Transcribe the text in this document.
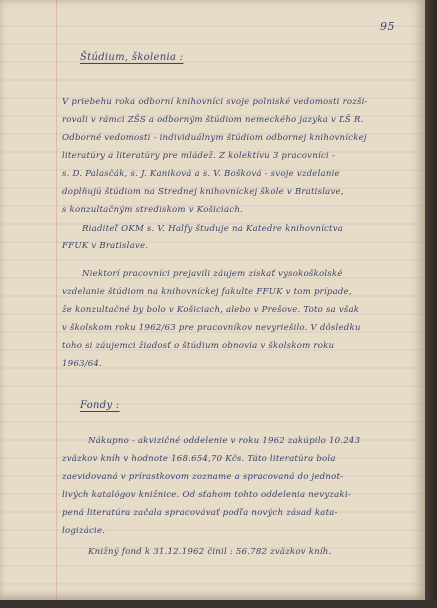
95
Štúdium, školenia :
V priebehu roka odborní knihovníci svoje polniské vedomosti rozši-
rovali v rámci ZŠS a odborným štúdiom nemeckého jazyka v ĽŠ R.
Odborné vedomosti - individuálnym štúdiom odbornej knihovníckej
literatúry a literatúry pre mládež. Z kolektívu 3 pracovníci -
s. D. Palasčák, s. J. Kaniková a s. V. Bošková - svoje vzdelanie
doplňujú štúdiom na Strednej knihovníckej škole v Bratislave,
s konzultačným strediskom v Košiciach.
Riaditeľ OKM s. V. Halfy študuje na Katedre knihovníctva
FFUK v Bratislave.
Niektorí pracovníci prejavili záujem získať vysokoškolské
vzdelanie štúdiom na knihovníckej fakulte FFUK v tom prípade,
že konzultačné by bolo v Košiciach, alebo v Prešove. Toto sa však
v školskom roku 1962/63 pre pracovníkov nevyriešilo. V dôsledku
toho si záujemci žiadosť o štúdium obnovia v školskom roku
1963/64.
Fondy :
Nákupno - akvizičné oddelenie v roku 1962 zakúpilo 10.243
zväzkov kníh v hodnote 168.654,70 Kčs. Táto literatúra bola
zaevidovaná v prírastkovom zozname a spracovaná do jednot-
livých katalógov knižnice. Od sťahom tohto oddelenia nevyzaki-
pená literatúra začala spracovávať podľa nových zásad kata-
logizácie.
Knižný fond k 31.12.1962 činil : 56.782 zväzkov kníh.
